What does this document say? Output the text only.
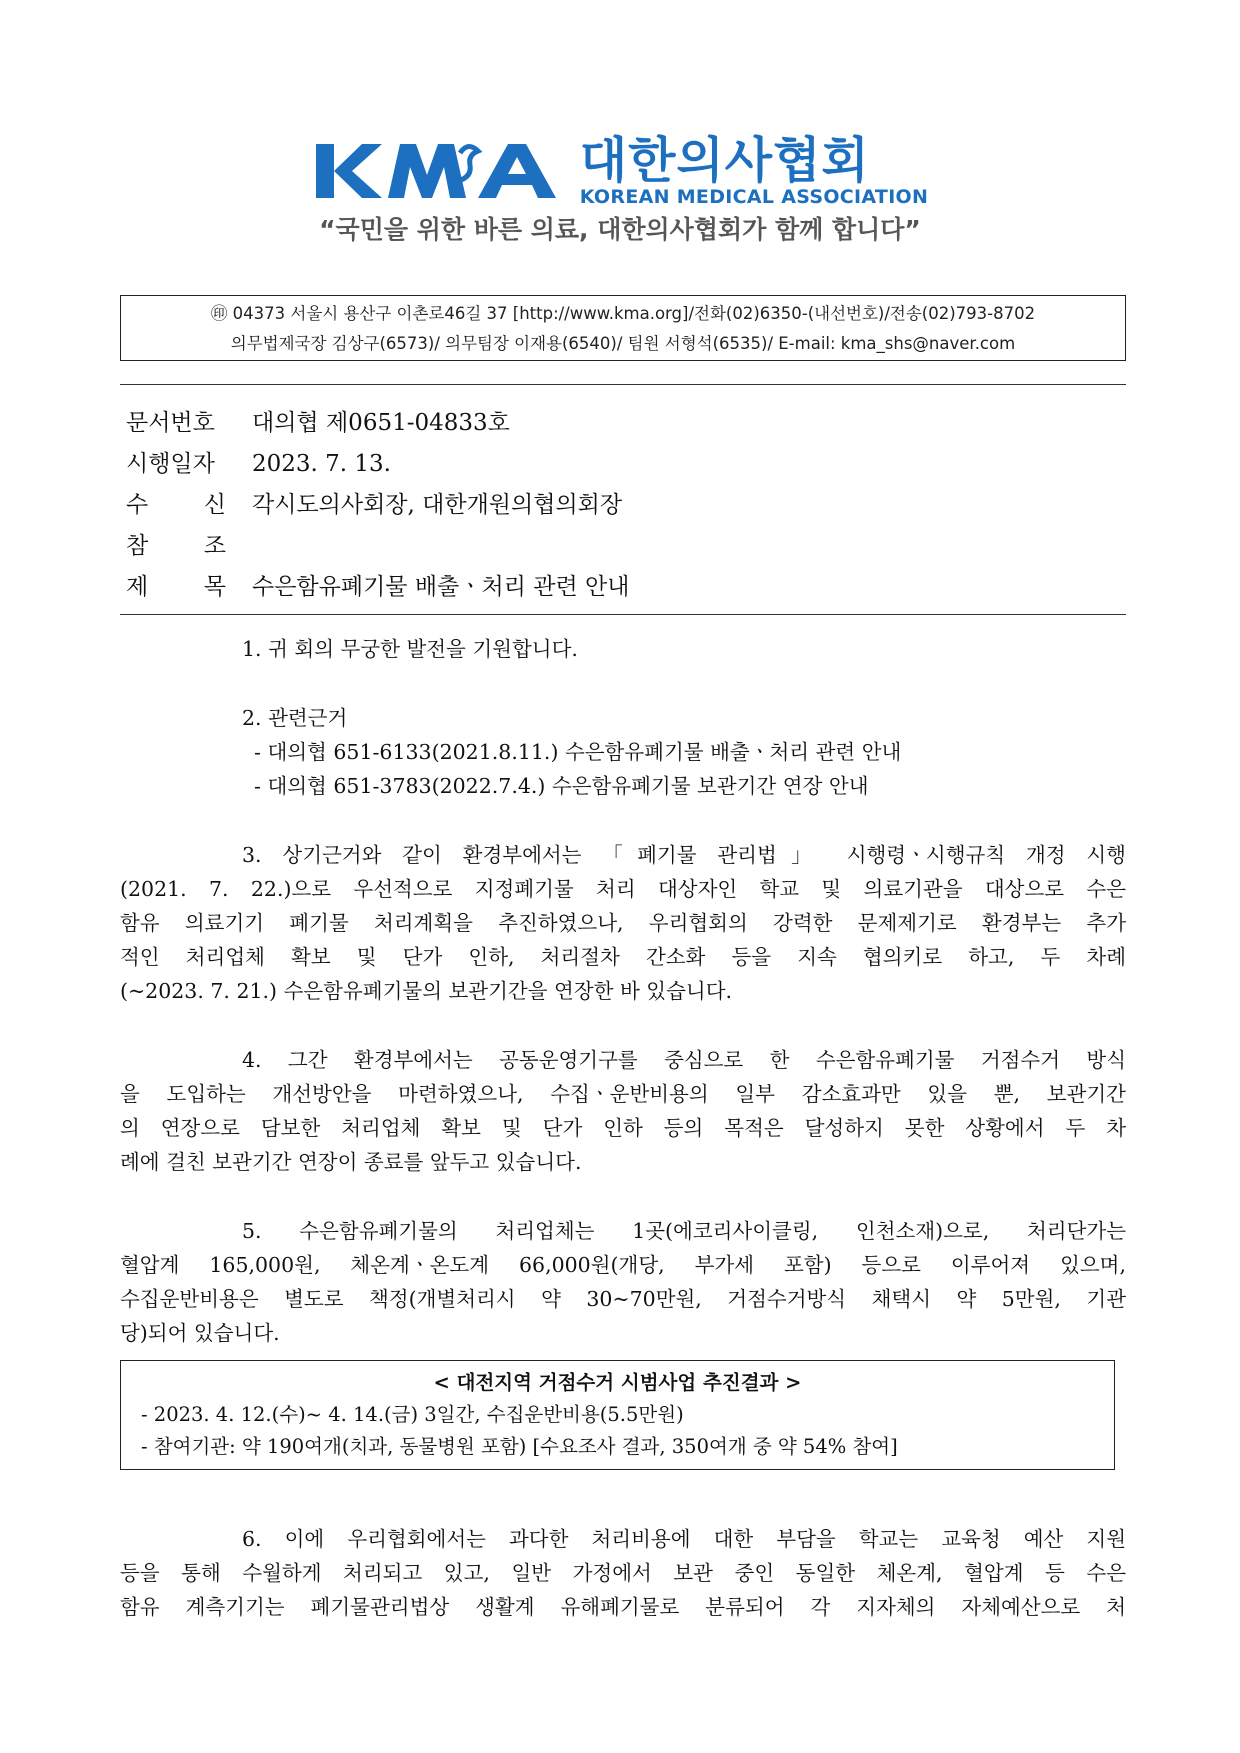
대한의사협회
KOREAN MEDICAL ASSOCIATION
“국민을 위한 바른 의료, 대한의사협회가 함께 합니다”
㊞ 04373 서울시 용산구 이촌로46길 37 [http://www.kma.org]/전화(02)6350-(내선번호)/전송(02)793-8702
의무법제국장 김상구(6573)/ 의무팀장 이재용(6540)/ 팀원 서형석(6535)/ E-mail: kma_shs@naver.com
문서번호 대의협 제0651-04833호
시행일자 2023. 7. 13.
수 신 각시도의사회장, 대한개원의협의회장
참 조
제 목 수은함유폐기물 배출ㆍ처리 관련 안내
1. 귀 회의 무궁한 발전을 기원합니다.
2. 관련근거
- 대의협 651-6133(2021.8.11.) 수은함유폐기물 배출ㆍ처리 관련 안내
- 대의협 651-3783(2022.7.4.) 수은함유폐기물 보관기간 연장 안내
3. 상기근거와 같이 환경부에서는 「폐기물 관리법」 시행령ㆍ시행규칙 개정 시행
(2021. 7. 22.)으로 우선적으로 지정폐기물 처리 대상자인 학교 및 의료기관을 대상으로 수은
함유 의료기기 폐기물 처리계획을 추진하였으나, 우리협회의 강력한 문제제기로 환경부는 추가
적인 처리업체 확보 및 단가 인하, 처리절차 간소화 등을 지속 협의키로 하고, 두 차례
(~2023. 7. 21.) 수은함유폐기물의 보관기간을 연장한 바 있습니다.
4. 그간 환경부에서는 공동운영기구를 중심으로 한 수은함유폐기물 거점수거 방식
을 도입하는 개선방안을 마련하였으나, 수집ㆍ운반비용의 일부 감소효과만 있을 뿐, 보관기간
의 연장으로 담보한 처리업체 확보 및 단가 인하 등의 목적은 달성하지 못한 상황에서 두 차
례에 걸친 보관기간 연장이 종료를 앞두고 있습니다.
5. 수은함유폐기물의 처리업체는 1곳(에코리사이클링, 인천소재)으로, 처리단가는
혈압계 165,000원, 체온계ㆍ온도계 66,000원(개당, 부가세 포함) 등으로 이루어져 있으며,
수집운반비용은 별도로 책정(개별처리시 약 30~70만원, 거점수거방식 채택시 약 5만원, 기관
당)되어 있습니다.
< 대전지역 거점수거 시범사업 추진결과 >
- 2023. 4. 12.(수)~ 4. 14.(금) 3일간, 수집운반비용(5.5만원)
- 참여기관: 약 190여개(치과, 동물병원 포함) [수요조사 결과, 350여개 중 약 54% 참여]
6. 이에 우리협회에서는 과다한 처리비용에 대한 부담을 학교는 교육청 예산 지원
등을 통해 수월하게 처리되고 있고, 일반 가정에서 보관 중인 동일한 체온계, 혈압계 등 수은
함유 계측기기는 폐기물관리법상 생활계 유해폐기물로 분류되어 각 지자체의 자체예산으로 처
